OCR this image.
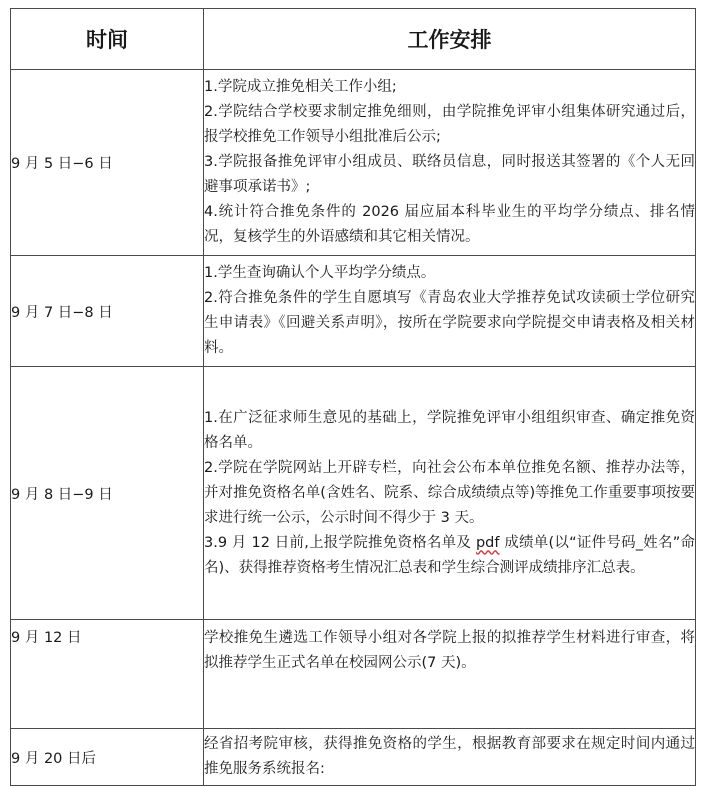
时间	工作安排
9 月 5 日−6 日	1.学院成立推免相关工作小组;
2.学院结合学校要求制定推免细则，由学院推免评审小组集体研究通过后，报学校推免工作领导小组批准后公示;
3.学院报备推免评审小组成员、联络员信息，同时报送其签署的《个人无回避事项承诺书》;
4.统计符合推免条件的 2026 届应届本科毕业生的平均学分绩点、排名情况，复核学生的外语感绩和其它相关情况。

9 月 7 日−8 日	1.学生查询确认个人平均学分绩点。
2.符合推免条件的学生自愿填写《青岛农业大学推荐免试攻读硕士学位研究生申请表》《回避关系声明》，按所在学院要求向学院提交申请表格及相关材料。

9 月 8 日−9 日	1.在广泛征求师生意见的基础上，学院推免评审小组组织审查、确定推免资格名单。
2.学院在学院网站上开辟专栏，向社会公布本单位推免名额、推荐办法等，并对推免资格名单(含姓名、院系、综合成绩绩点等)等推免工作重要事项按要求进行统一公示，公示时间不得少于 3 天。
3.9 月 12 日前,上报学院推免资格名单及 pdf 成绩单(以“证件号码_姓名”命名)、获得推荐资格考生情况汇总表和学生综合测评成绩排序汇总表。

9 月 12 日	学校推免生遴选工作领导小组对各学院上报的拟推荐学生材料进行审查，将拟推荐学生正式名单在校园网公示(7 天)。

9 月 20 日后	经省招考院审核，获得推免资格的学生，根据教育部要求在规定时间内通过推免服务系统报名:
